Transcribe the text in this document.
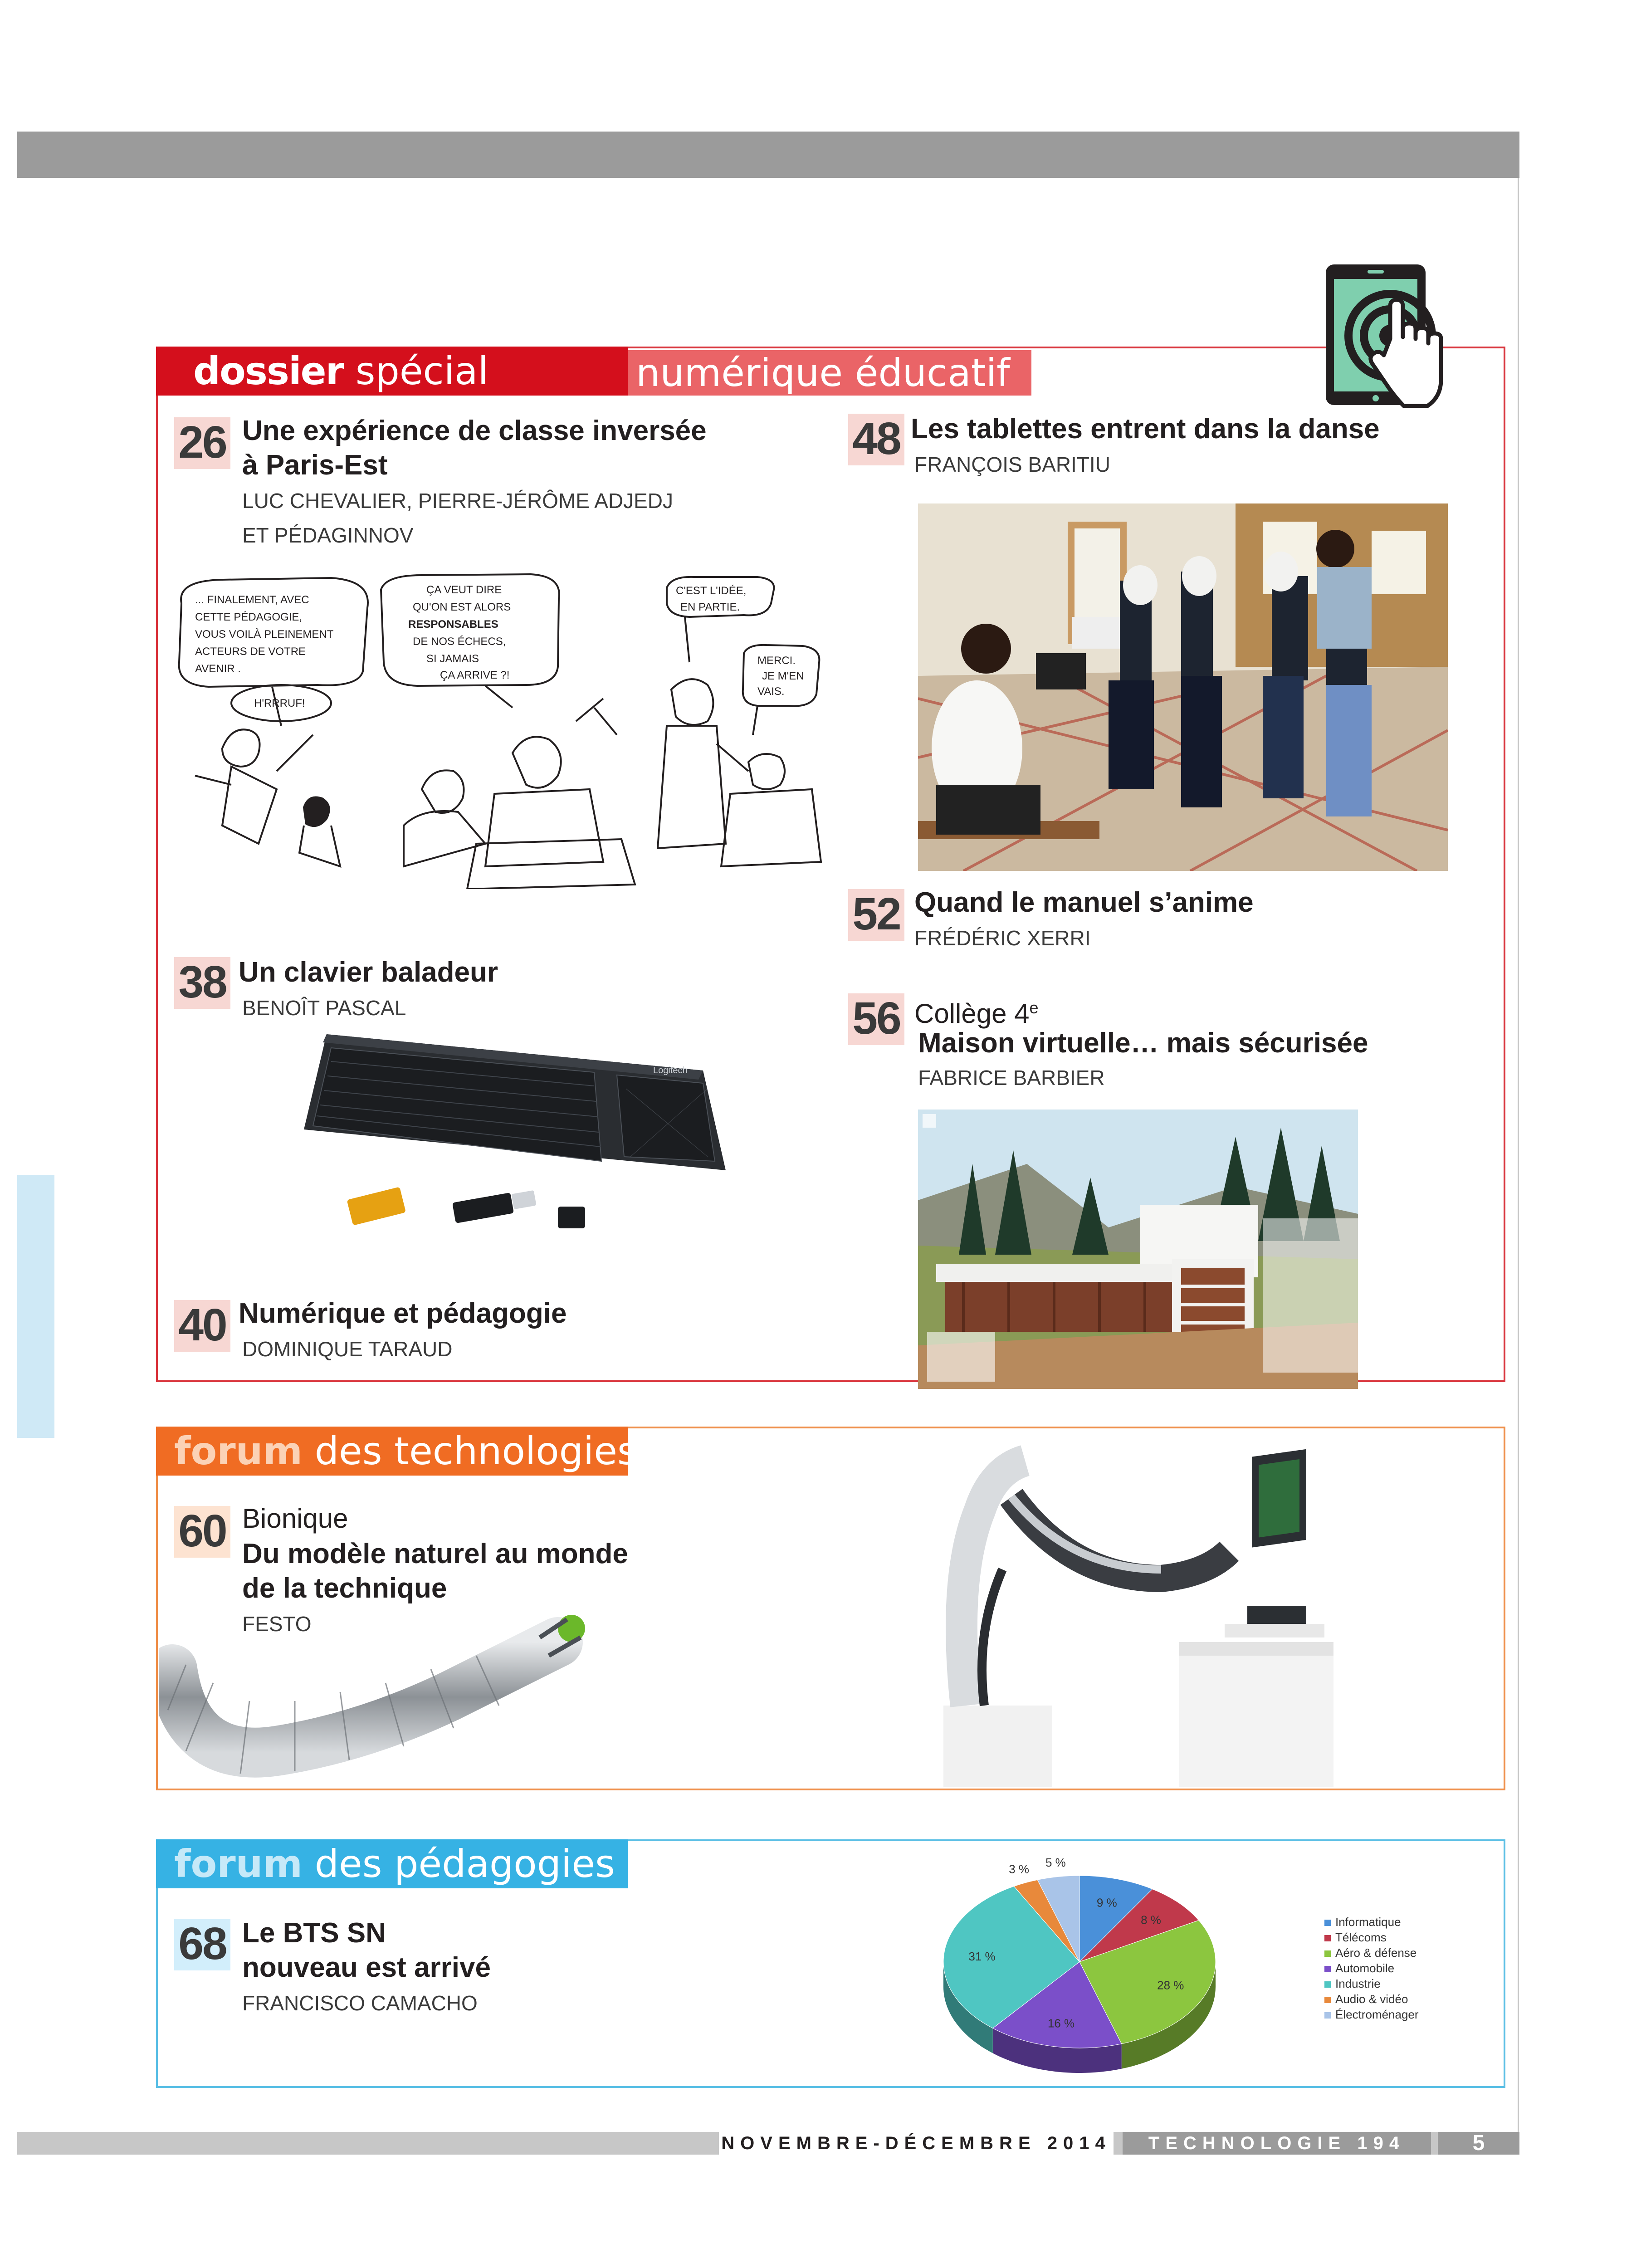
dossier spécial	numérique éducatif
forum des technologies
forum des pédagogies
26 Une expérience de classe inversée
à Paris-Est
LUC CHEVALIER, PIERRE-JÉRÔME ADJEDJ
ET PÉDAGINNOV
... FINALEMENT, AVEC
CETTE PÉDAGOGIE,
VOUS VOILÀ PLEINEMENT
ACTEURS DE VOTRE
AVENIR .
ÇA VEUT DIRE
QU'ON EST ALORS
RESPONSABLES
DE NOS ÉCHECS,
SI JAMAIS
ÇA ARRIVE ?!
C'EST L'IDÉE,
EN PARTIE.
MERCI.
JE M'EN
VAIS.
H'RRRUF!
48 Les tablettes entrent dans la danse
FRANÇOIS BARITIU
52 Quand le manuel s’anime
FRÉDÉRIC XERRI
38 Un clavier baladeur
BENOÎT PASCAL
Logitech
56 Collège 4e
Maison virtuelle… mais sécurisée
FABRICE BARBIER
40 Numérique et pédagogie
DOMINIQUE TARAUD
60 Bionique
Du modèle naturel au monde
de la technique
FESTO
68 Le BTS SN
nouveau est arrivé
FRANCISCO CAMACHO
9 %
8 %
28 %
16 %
31 %
3 % 5 %
Informatique
Télécoms
Aéro & défense
Automobile
Industrie
Audio & vidéo
Électroménager
NOVEMBRE-DÉCEMBRE 2014	TECHNOLOGIE 194	5
